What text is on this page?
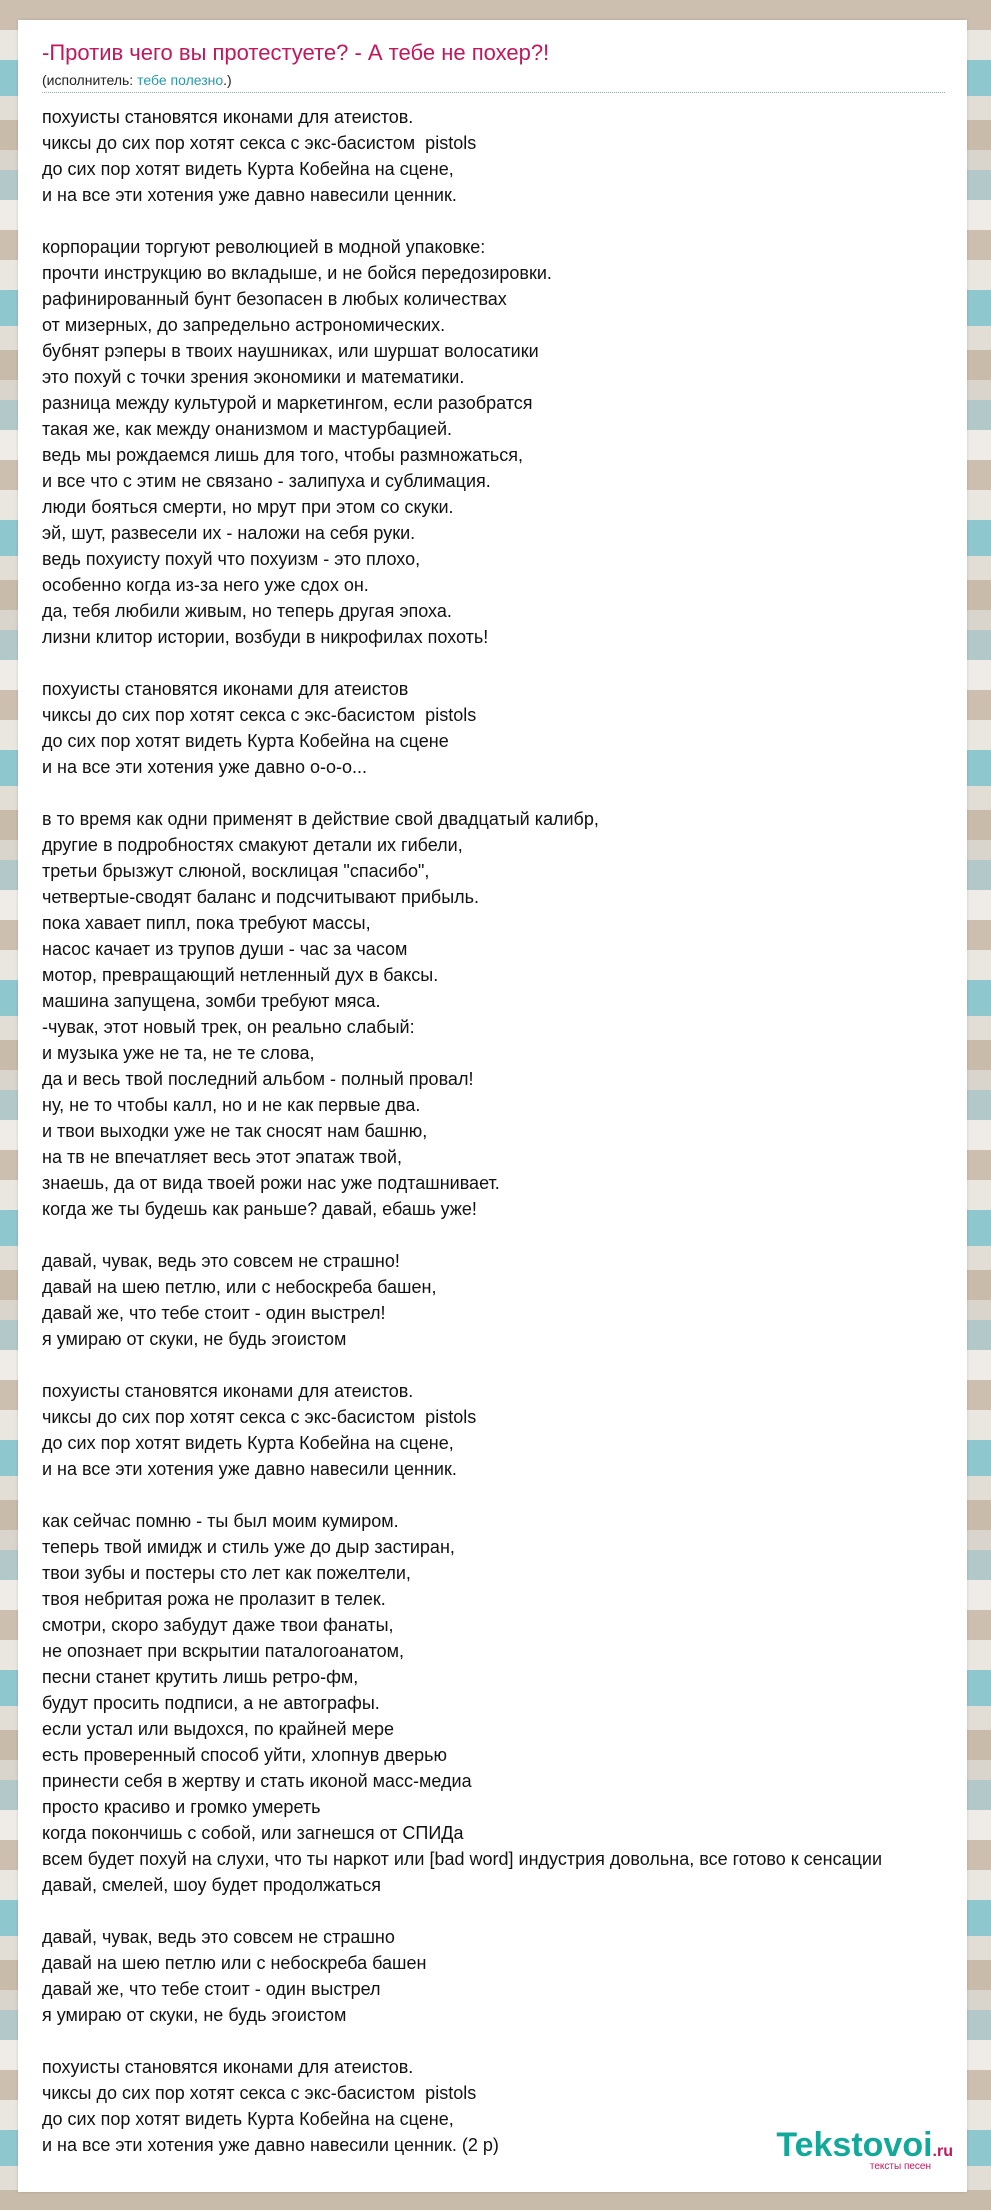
-Против чего вы протестуете? - А тебе не похер?!
(исполнитель: тебе полезно.)
похуисты становятся иконами для атеистов.
чиксы до сих пор хотят секса с экс-басистом  pistols
до сих пор хотят видеть Курта Кобейна на сцене,
и на все эти хотения уже давно навесили ценник.

корпорации торгуют революцией в модной упаковке:
прочти инструкцию во вкладыше, и не бойся передозировки.
рафинированный бунт безопасен в любых количествах
от мизерных, до запредельно астрономических.
бубнят рэперы в твоих наушниках, или шуршат волосатики
это похуй с точки зрения экономики и математики.
разница между культурой и маркетингом, если разобратся
такая же, как между онанизмом и мастурбацией.
ведь мы рождаемся лишь для того, чтобы размножаться,
и все что с этим не связано - залипуха и сублимация.
люди бояться смерти, но мрут при этом со скуки.
эй, шут, развесели их - наложи на себя руки.
ведь похуисту похуй что похуизм - это плохо,
особенно когда из-за него уже сдох он.
да, тебя любили живым, но теперь другая эпоха.
лизни клитор истории, возбуди в никрофилах похоть!

похуисты становятся иконами для атеистов
чиксы до сих пор хотят секса с экс-басистом  pistols
до сих пор хотят видеть Курта Кобейна на сцене
и на все эти хотения уже давно о-о-о...

в то время как одни применят в действие свой двадцатый калибр,
другие в подробностях смакуют детали их гибели,
третьи брызжут слюной, восклицая "спасибо",
четвертые-сводят баланс и подсчитывают прибыль.
пока хавает пипл, пока требуют массы,
насос качает из трупов души - час за часом
мотор, превращающий нетленный дух в баксы.
машина запущена, зомби требуют мяса.
-чувак, этот новый трек, он реально слабый:
и музыка уже не та, не те слова,
да и весь твой последний альбом - полный провал!
ну, не то чтобы калл, но и не как первые два.
и твои выходки уже не так сносят нам башню,
на тв не впечатляет весь этот эпатаж твой,
знаешь, да от вида твоей рожи нас уже подташнивает.
когда же ты будешь как раньше? давай, ебашь уже!

давай, чувак, ведь это совсем не страшно!
давай на шею петлю, или с небоскреба башен,
давай же, что тебе стоит - один выстрел!
я умираю от скуки, не будь эгоистом

похуисты становятся иконами для атеистов.
чиксы до сих пор хотят секса с экс-басистом  pistols
до сих пор хотят видеть Курта Кобейна на сцене,
и на все эти хотения уже давно навесили ценник.

как сейчас помню - ты был моим кумиром.
теперь твой имидж и стиль уже до дыр застиран,
твои зубы и постеры сто лет как пожелтели,
твоя небритая рожа не пролазит в телек.
смотри, скоро забудут даже твои фанаты,
не опознает при вскрытии паталогоанатом,
песни станет крутить лишь ретро-фм,
будут просить подписи, а не автографы.
если устал или выдохся, по крайней мере
есть проверенный способ уйти, хлопнув дверью
принести себя в жертву и стать иконой масс-медиа
просто красиво и громко умереть
когда покончишь с собой, или загнешся от СПИДа
всем будет похуй на слухи, что ты наркот или [bad word] индустрия довольна, все готово к сенсации
давай, смелей, шоу будет продолжаться

давай, чувак, ведь это совсем не страшно
давай на шею петлю или с небоскреба башен
давай же, что тебе стоит - один выстрел
я умираю от скуки, не будь эгоистом

похуисты становятся иконами для атеистов.
чиксы до сих пор хотят секса с экс-басистом  pistols
до сих пор хотят видеть Курта Кобейна на сцене,
и на все эти хотения уже давно навесили ценник. (2 р)	Tekstovoi.ru
тексты песен
